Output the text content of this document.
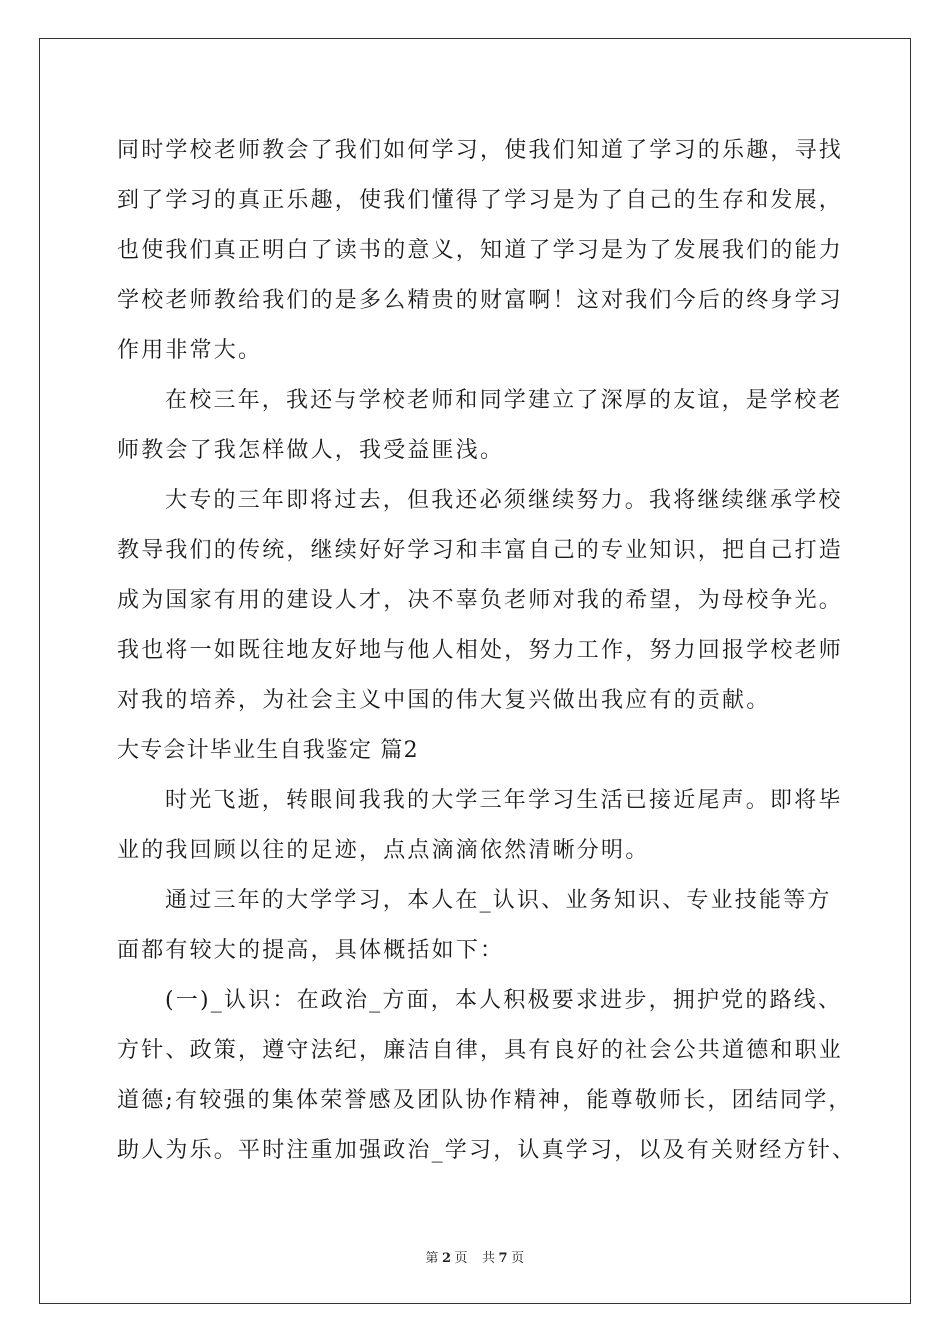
同时学校老师教会了我们如何学习，使我们知道了学习的乐趣，寻找
到了学习的真正乐趣，使我们懂得了学习是为了自己的生存和发展，
也使我们真正明白了读书的意义，知道了学习是为了发展我们的能力
学校老师教给我们的是多么精贵的财富啊！这对我们今后的终身学习
作用非常大。
在校三年，我还与学校老师和同学建立了深厚的友谊，是学校老
师教会了我怎样做人，我受益匪浅。
大专的三年即将过去，但我还必须继续努力。我将继续继承学校
教导我们的传统，继续好好学习和丰富自己的专业知识，把自己打造
成为国家有用的建设人才，决不辜负老师对我的希望，为母校争光。
我也将一如既往地友好地与他人相处，努力工作，努力回报学校老师
对我的培养，为社会主义中国的伟大复兴做出我应有的贡献。
大专会计毕业生自我鉴定 篇2
时光飞逝，转眼间我我的大学三年学习生活已接近尾声。即将毕
业的我回顾以往的足迹，点点滴滴依然清晰分明。
通过三年的大学学习，本人在_认识、业务知识、专业技能等方
面都有较大的提高，具体概括如下：
(一)_认识：在政治_方面，本人积极要求进步，拥护党的路线、
方针、政策，遵守法纪，廉洁自律，具有良好的社会公共道德和职业
道德;有较强的集体荣誉感及团队协作精神，能尊敬师长，团结同学，
助人为乐。平时注重加强政治_学习，认真学习，以及有关财经方针、
第 2 页 共 7 页
